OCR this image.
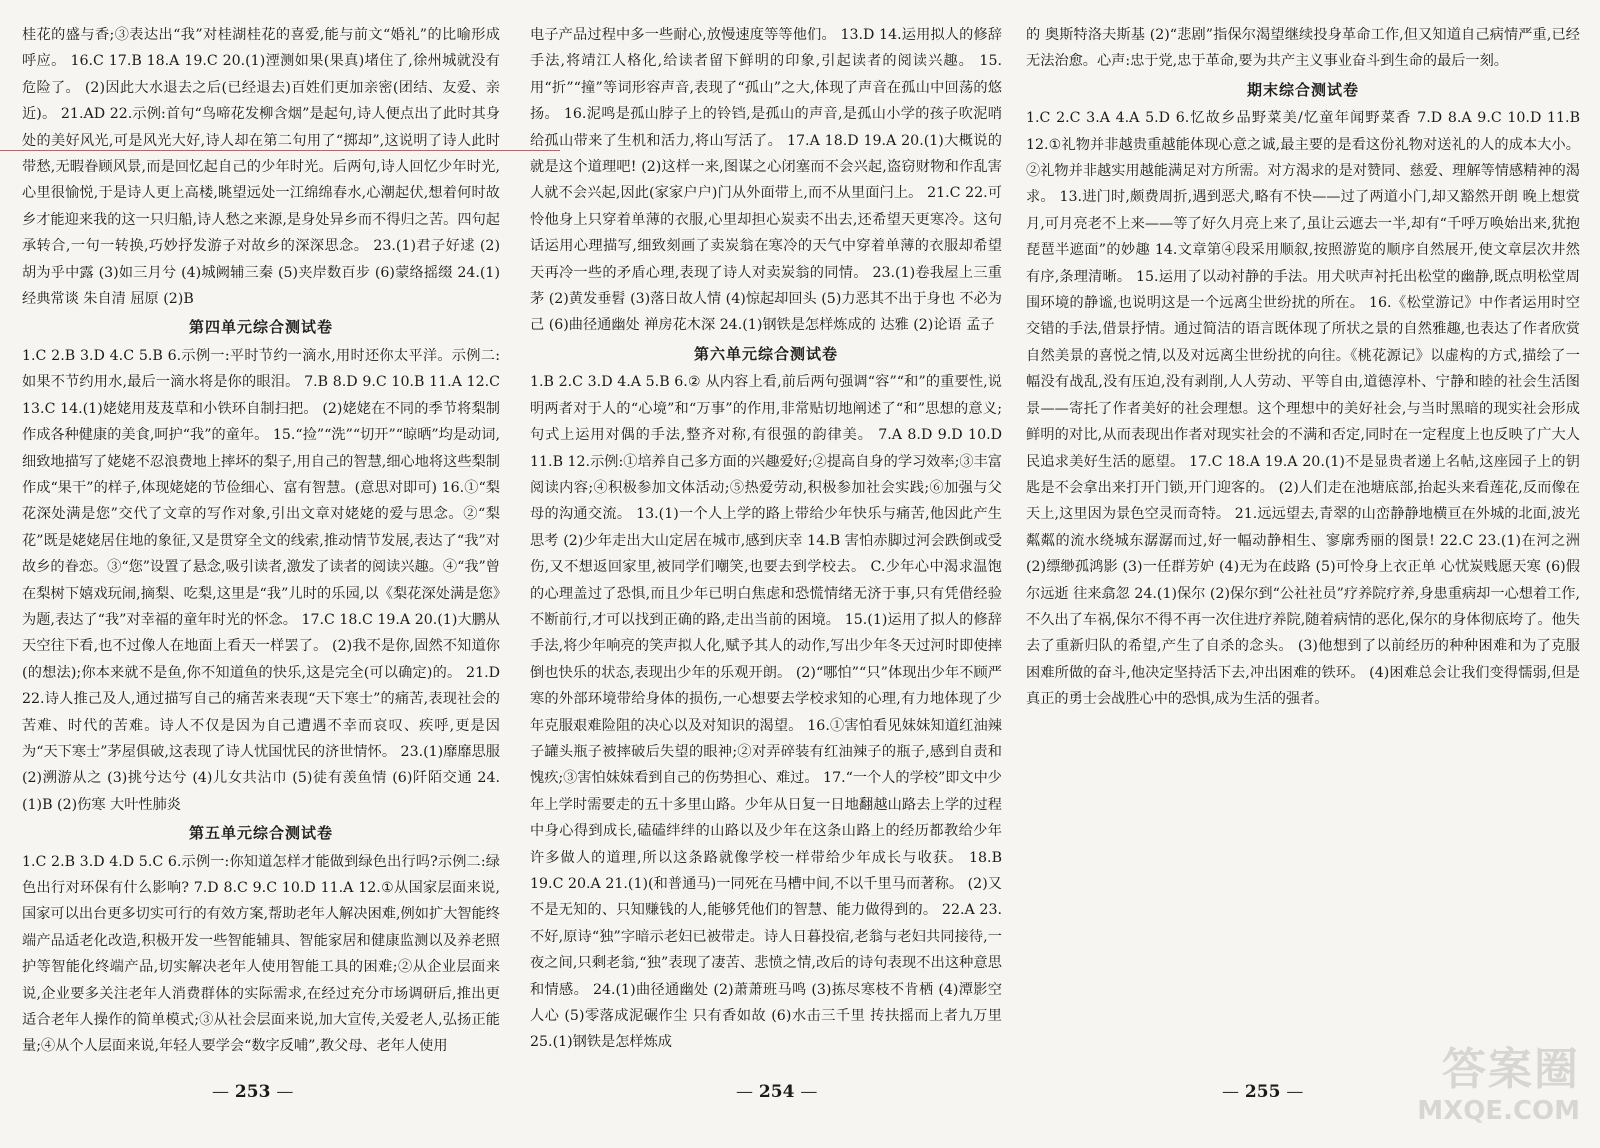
桂花的盛与香;③表达出“我”对桂湖桂花的喜爱,能与前文“婚礼”的比喻形成呼应。 16.C 17.B 18.A 19.C 20.(1)湮测如果(果真)堵住了,徐州城就没有危险了。 (2)因此大水退去之后(已经退去)百姓们更加亲密(团结、友爱、亲近)。 21.AD 22.示例:首句“鸟啼花发柳含烟”是起句,诗人便点出了此时其身处的美好风光,可是风光大好,诗人却在第二句用了“掷却”,这说明了诗人此时带愁,无暇眷顾风景,而是回忆起自己的少年时光。后两句,诗人回忆少年时光,心里很愉悦,于是诗人更上高楼,眺望远处一江绵绵春水,心潮起伏,想着何时故乡才能迎来我的这一只归船,诗人愁之来源,是身处异乡而不得归之苦。四句起承转合,一句一转换,巧妙抒发游子对故乡的深深思念。 23.(1)君子好逑 (2)胡为乎中露 (3)如三月兮 (4)城阙辅三秦 (5)夹岸数百步 (6)蒙络摇缀 24.(1)经典常谈 朱自清 屈原 (2)B

第四单元综合测试卷

1.C 2.B 3.D 4.C 5.B 6.示例一:平时节约一滴水,用时还你太平洋。示例二:如果不节约用水,最后一滴水将是你的眼泪。 7.B 8.D 9.C 10.B 11.A 12.C 13.C 14.(1)姥姥用芨芨草和小铁环自制扫把。 (2)姥姥在不同的季节将梨制作成各种健康的美食,呵护“我”的童年。 15.“捡”“洗”“切开”“晾晒”均是动词,细致地描写了姥姥不忍浪费地上摔坏的梨子,用自己的智慧,细心地将这些梨制作成“果干”的样子,体现姥姥的节俭细心、富有智慧。(意思对即可) 16.①“梨花深处满是您”交代了文章的写作对象,引出文章对姥姥的爱与思念。②“梨花”既是姥姥居住地的象征,又是贯穿全文的线索,推动情节发展,表达了“我”对故乡的眷恋。③“您”设置了悬念,吸引读者,激发了读者的阅读兴趣。④“我”曾在梨树下嬉戏玩闹,摘梨、吃梨,这里是“我”儿时的乐园,以《梨花深处满是您》为题,表达了“我”对幸福的童年时光的怀念。 17.C 18.C 19.A 20.(1)大鹏从天空往下看,也不过像人在地面上看天一样罢了。 (2)我不是你,固然不知道你(的想法);你本来就不是鱼,你不知道鱼的快乐,这是完全(可以确定)的。 21.D 22.诗人推己及人,通过描写自己的痛苦来表现“天下寒士”的痛苦,表现社会的苦难、时代的苦难。诗人不仅是因为自己遭遇不幸而哀叹、疾呼,更是因为“天下寒士”茅屋俱破,这表现了诗人忧国忧民的济世情怀。 23.(1)靡靡思服 (2)溯游从之 (3)挑兮达兮 (4)儿女共沾巾 (5)徒有羡鱼情 (6)阡陌交通 24.(1)B (2)伤寒 大叶性肺炎

第五单元综合测试卷

1.C 2.B 3.D 4.D 5.C 6.示例一:你知道怎样才能做到绿色出行吗?示例二:绿色出行对环保有什么影响? 7.D 8.C 9.C 10.D 11.A 12.①从国家层面来说,国家可以出台更多切实可行的有效方案,帮助老年人解决困难,例如扩大智能终端产品适老化改造,积极开发一些智能辅具、智能家居和健康监测以及养老照护等智能化终端产品,切实解决老年人使用智能工具的困难;②从企业层面来说,企业要多关注老年人消费群体的实际需求,在经过充分市场调研后,推出更适合老年人操作的简单模式;③从社会层面来说,加大宣传,关爱老人,弘扬正能量;④从个人层面来说,年轻人要学会“数字反哺”,教父母、老年人使用

电子产品过程中多一些耐心,放慢速度等等他们。 13.D 14.运用拟人的修辞手法,将靖江人格化,给读者留下鲜明的印象,引起读者的阅读兴趣。 15.用“折”“撞”等词形容声音,表现了“孤山”之大,体现了声音在孤山中回荡的悠扬。 16.泥鸣是孤山脖子上的铃铛,是孤山的声音,是孤山小学的孩子吹泥哨给孤山带来了生机和活力,将山写活了。 17.A 18.D 19.A 20.(1)大概说的就是这个道理吧! (2)这样一来,图谋之心闭塞而不会兴起,盗窃财物和作乱害人就不会兴起,因此(家家户户)门从外面带上,而不从里面闩上。 21.C 22.可怜他身上只穿着单薄的衣服,心里却担心炭卖不出去,还希望天更寒冷。这句话运用心理描写,细致刻画了卖炭翁在寒冷的天气中穿着单薄的衣服却希望天再冷一些的矛盾心理,表现了诗人对卖炭翁的同情。 23.(1)卷我屋上三重茅 (2)黄发垂髫 (3)落日故人情 (4)惊起却回头 (5)力恶其不出于身也 不必为己 (6)曲径通幽处 禅房花木深 24.(1)钢铁是怎样炼成的 达雅 (2)论语 孟子

第六单元综合测试卷

1.B 2.C 3.D 4.A 5.B 6.② 从内容上看,前后两句强调“容”“和”的重要性,说明两者对于人的“心境”和“万事”的作用,非常贴切地阐述了“和”思想的意义;句式上运用对偶的手法,整齐对称,有很强的韵律美。 7.A 8.D 9.D 10.D 11.B 12.示例:①培养自己多方面的兴趣爱好;②提高自身的学习效率;③丰富阅读内容;④积极参加文体活动;⑤热爱劳动,积极参加社会实践;⑥加强与父母的沟通交流。 13.(1)一个人上学的路上带给少年快乐与痛苦,他因此产生思考 (2)少年走出大山定居在城市,感到庆幸 14.B 害怕赤脚过河会跌倒或受伤,又不想返回家里,被同学们嘲笑,也要去到学校去。 C.少年心中渴求温饱的心理盖过了恐惧,而且少年已明白焦虑和恐慌情绪无济于事,只有凭借经验不断前行,才可以找到正确的路,走出当前的困境。 15.(1)运用了拟人的修辞手法,将少年响亮的笑声拟人化,赋予其人的动作,写出少年冬天过河时即使摔倒也快乐的状态,表现出少年的乐观开朗。 (2)“哪怕”“只”体现出少年不顾严寒的外部环境带给身体的损伤,一心想要去学校求知的心理,有力地体现了少年克服艰难险阻的决心以及对知识的渴望。 16.①害怕看见妹妹知道红油辣子罐头瓶子被摔破后失望的眼神;②对弄碎装有红油辣子的瓶子,感到自责和愧疚;③害怕妹妹看到自己的伤势担心、难过。 17.“一个人的学校”即文中少年上学时需要走的五十多里山路。少年从日复一日地翻越山路去上学的过程中身心得到成长,磕磕绊绊的山路以及少年在这条山路上的经历都教给少年许多做人的道理,所以这条路就像学校一样带给少年成长与收获。 18.B 19.C 20.A 21.(1)(和普通马)一同死在马槽中间,不以千里马而著称。 (2)又不是无知的、只知赚钱的人,能够凭他们的智慧、能力做得到的。 22.A 23.不好,原诗“独”字暗示老妇已被带走。诗人日暮投宿,老翁与老妇共同接待,一夜之间,只剩老翁,“独”表现了凄苦、悲愤之情,改后的诗句表现不出这种意思和情感。 24.(1)曲径通幽处 (2)萧萧班马鸣 (3)拣尽寒枝不肯栖 (4)潭影空人心 (5)零落成泥碾作尘 只有香如故 (6)水击三千里 抟扶摇而上者九万里 25.(1)钢铁是怎样炼成

的 奥斯特洛夫斯基 (2)“悲剧”指保尔渴望继续投身革命工作,但又知道自己病情严重,已经无法治愈。心声:忠于党,忠于革命,要为共产主义事业奋斗到生命的最后一刻。

期末综合测试卷

1.C 2.C 3.A 4.A 5.D 6.忆故乡品野菜美/忆童年闻野菜香 7.D 8.A 9.C 10.D 11.B 12.①礼物并非越贵重越能体现心意之诚,最主要的是看这份礼物对送礼的人的成本大小。②礼物并非越实用越能满足对方所需。对方渴求的是对赞同、慈爱、理解等情感精神的渴求。 13.进门时,颇费周折,遇到恶犬,略有不快——过了两道小门,却又豁然开朗 晚上想赏月,可月亮老不上来——等了好久月亮上来了,虽让云遮去一半,却有“千呼万唤始出来,犹抱琵琶半遮面”的妙趣 14.文章第④段采用顺叙,按照游览的顺序自然展开,使文章层次井然有序,条理清晰。 15.运用了以动衬静的手法。用犬吠声衬托出松堂的幽静,既点明松堂周围环境的静谧,也说明这是一个远离尘世纷扰的所在。 16.《松堂游记》中作者运用时空交错的手法,借景抒情。通过简洁的语言既体现了所状之景的自然雅趣,也表达了作者欣赏自然美景的喜悦之情,以及对远离尘世纷扰的向往。《桃花源记》以虚构的方式,描绘了一幅没有战乱,没有压迫,没有剥削,人人劳动、平等自由,道德淳朴、宁静和睦的社会生活图景——寄托了作者美好的社会理想。这个理想中的美好社会,与当时黑暗的现实社会形成鲜明的对比,从而表现出作者对现实社会的不满和否定,同时在一定程度上也反映了广大人民追求美好生活的愿望。 17.C 18.A 19.A 20.(1)不是显贵者递上名帖,这座园子上的钥匙是不会拿出来打开门锁,开门迎客的。 (2)人们走在池塘底部,抬起头来看莲花,反而像在天上,这里因为景色空灵而奇特。 21.远远望去,青翠的山峦静静地横亘在外城的北面,波光粼粼的流水绕城东潺潺而过,好一幅动静相生、寥廓秀丽的图景! 22.C 23.(1)在河之洲 (2)缥缈孤鸿影 (3)一任群芳妒 (4)无为在歧路 (5)可怜身上衣正单 心忧炭贱愿天寒 (6)假尔远逝 往来翕忽 24.(1)保尔 (2)保尔到“公社社员”疗养院疗养,身患重病却一心想着工作,不久出了车祸,保尔不得不再一次住进疗养院,随着病情的恶化,保尔的身体彻底垮了。他失去了重新归队的希望,产生了自杀的念头。 (3)他想到了以前经历的种种困难和为了克服困难所做的奋斗,他决定坚持活下去,冲出困难的铁环。 (4)困难总会让我们变得懦弱,但是真正的勇士会战胜心中的恐惧,成为生活的强者。

— 253 —	— 254 —	— 255 —	答案圈
MXQE.COM
